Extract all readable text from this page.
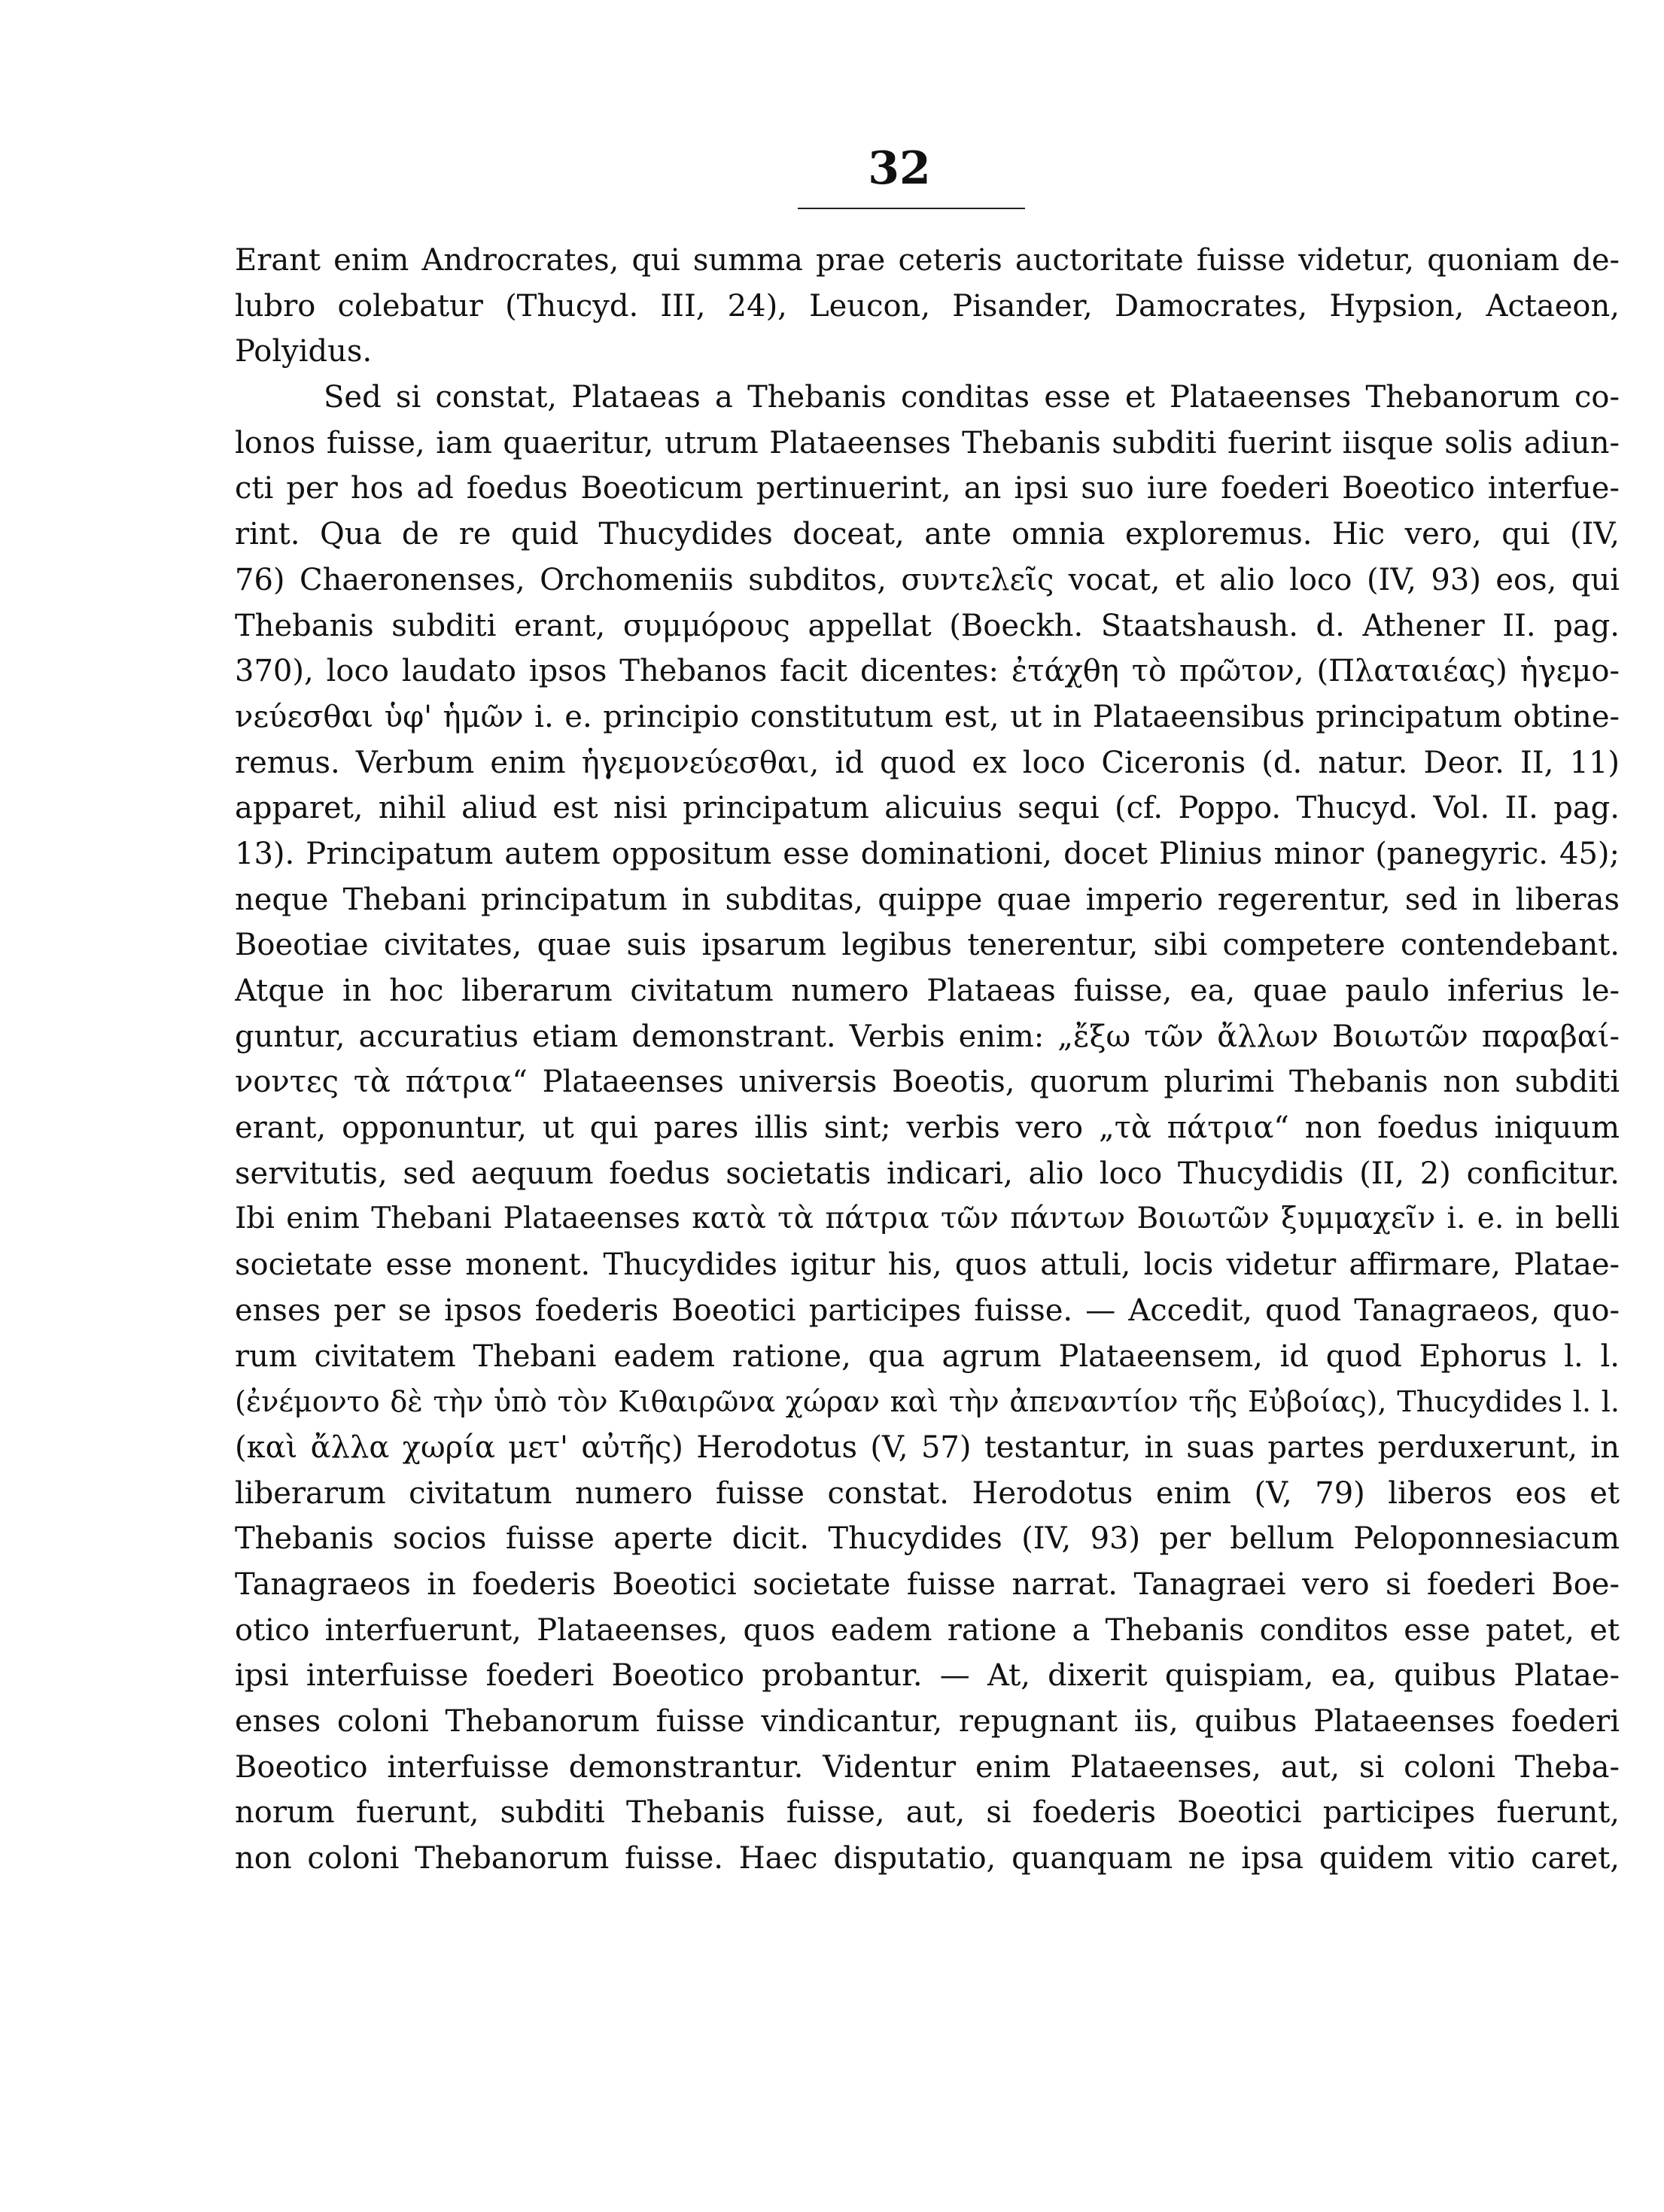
32
Erant enim Androcrates, qui summa prae ceteris auctoritate fuisse videtur, quoniam de-
lubro colebatur (Thucyd. III, 24), Leucon, Pisander, Damocrates, Hypsion, Actaeon,
Polyidus.
Sed si constat, Plataeas a Thebanis conditas esse et Plataeenses Thebanorum co-
lonos fuisse, iam quaeritur, utrum Plataeenses Thebanis subditi fuerint iisque solis adiun-
cti per hos ad foedus Boeoticum pertinuerint, an ipsi suo iure foederi Boeotico interfue-
rint. Qua de re quid Thucydides doceat, ante omnia exploremus. Hic vero, qui (IV,
76) Chaeronenses, Orchomeniis subditos, συντελεῖς vocat, et alio loco (IV, 93) eos, qui
Thebanis subditi erant, συμμόρους appellat (Boeckh. Staatshaush. d. Athener II. pag.
370), loco laudato ipsos Thebanos facit dicentes: ἐτάχθη τὸ πρῶτον, (Πλαταιέας) ἡγεμο-
νεύεσθαι ὑφ' ἡμῶν i. e. principio constitutum est, ut in Plataeensibus principatum obtine-
remus. Verbum enim ἡγεμονεύεσθαι, id quod ex loco Ciceronis (d. natur. Deor. II, 11)
apparet, nihil aliud est nisi principatum alicuius sequi (cf. Poppo. Thucyd. Vol. II. pag.
13). Principatum autem oppositum esse dominationi, docet Plinius minor (panegyric. 45);
neque Thebani principatum in subditas, quippe quae imperio regerentur, sed in liberas
Boeotiae civitates, quae suis ipsarum legibus tenerentur, sibi competere contendebant.
Atque in hoc liberarum civitatum numero Plataeas fuisse, ea, quae paulo inferius le-
guntur, accuratius etiam demonstrant. Verbis enim: „ἔξω τῶν ἄλλων Βοιωτῶν παραβαί-
νοντες τὰ πάτρια“ Plataeenses universis Boeotis, quorum plurimi Thebanis non subditi
erant, opponuntur, ut qui pares illis sint; verbis vero „τὰ πάτρια“ non foedus iniquum
servitutis, sed aequum foedus societatis indicari, alio loco Thucydidis (II, 2) conficitur.
Ibi enim Thebani Plataeenses κατὰ τὰ πάτρια τῶν πάντων Βοιωτῶν ξυμμαχεῖν i. e. in belli
societate esse monent. Thucydides igitur his, quos attuli, locis videtur affirmare, Platae-
enses per se ipsos foederis Boeotici participes fuisse. — Accedit, quod Tanagraeos, quo-
rum civitatem Thebani eadem ratione, qua agrum Plataeensem, id quod Ephorus l. l.
(ἐνέμοντο δὲ τὴν ὑπὸ τὸν Κιθαιρῶνα χώραν καὶ τὴν ἀπεναντίον τῆς Εὐβοίας), Thucydides l. l.
(καὶ ἄλλα χωρία μετ' αὐτῆς) Herodotus (V, 57) testantur, in suas partes perduxerunt, in
liberarum civitatum numero fuisse constat. Herodotus enim (V, 79) liberos eos et
Thebanis socios fuisse aperte dicit. Thucydides (IV, 93) per bellum Peloponnesiacum
Tanagraeos in foederis Boeotici societate fuisse narrat. Tanagraei vero si foederi Boe-
otico interfuerunt, Plataeenses, quos eadem ratione a Thebanis conditos esse patet, et
ipsi interfuisse foederi Boeotico probantur. — At, dixerit quispiam, ea, quibus Platae-
enses coloni Thebanorum fuisse vindicantur, repugnant iis, quibus Plataeenses foederi
Boeotico interfuisse demonstrantur. Videntur enim Plataeenses, aut, si coloni Theba-
norum fuerunt, subditi Thebanis fuisse, aut, si foederis Boeotici participes fuerunt,
non coloni Thebanorum fuisse. Haec disputatio, quanquam ne ipsa quidem vitio caret,
